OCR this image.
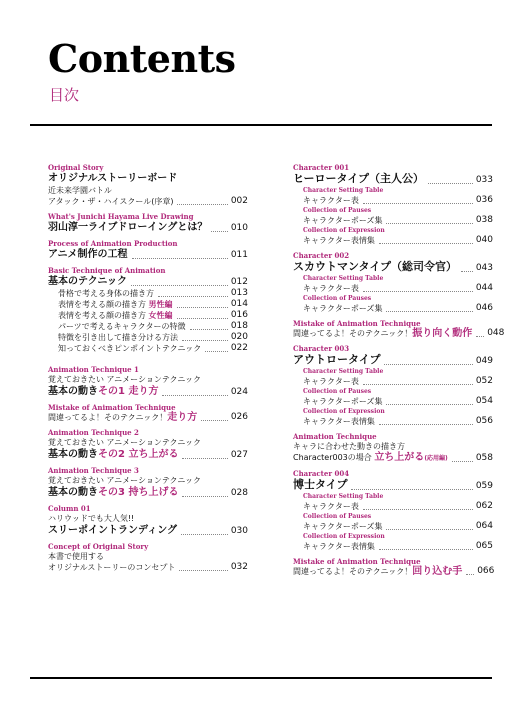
Contents
目次
Original Story
オリジナルストーリーボード
近未来学園バトル
アタック・ザ・ハイスクール(序章)	002
What's Junichi Hayama Live Drawing
羽山淳一ライブドローイングとは？	010
Process of Animation Production
アニメ制作の工程	011
Basic Technique of Animation
基本のテクニック	012
骨格で考える身体の描き方	013
表情を考える顔の描き方 男性編	014
表情を考える顔の描き方 女性編	016
パーツで考えるキャラクターの特徴	018
特徴を引き出して描き分ける方法	020
知っておくべきピンポイントテクニック	022
Animation Technique 1
覚えておきたい アニメーションテクニック
基本の動きその1 走り方	024
Mistake of Animation Technique
間違ってるよ！そのテクニック！走り方	026
Animation Technique 2
覚えておきたい アニメーションテクニック
基本の動きその2 立ち上がる	027
Animation Technique 3
覚えておきたい アニメーションテクニック
基本の動きその3 持ち上げる	028
Column 01
ハリウッドでも大人気!!
スリーポイントランディング	030
Concept of Original Story
本書で使用する
オリジナルストーリーのコンセプト	032
Character 001
ヒーロータイプ（主人公）	033
Character Setting Table
キャラクター表	036
Collection of Pauses
キャラクターポーズ集	038
Collection of Expression
キャラクター表情集	040
Character 002
スカウトマンタイプ（総司令官） 043
Character Setting Table
キャラクター表	044
Collection of Pauses
キャラクターポーズ集	046
Mistake of Animation Technique
間違ってるよ！そのテクニック！振り向く動作 048
Character 003
アウトロータイプ	049
Character Setting Table
キャラクター表	052
Collection of Pauses
キャラクターポーズ集	054
Collection of Expression
キャラクター表情集	056
Animation Technique
キャラに合わせた動きの描き方
Character003の場合 立ち上がる(応用編)	058
Character 004
博士タイプ	059
Character Setting Table
キャラクター表	062
Collection of Pauses
キャラクターポーズ集	064
Collection of Expression
キャラクター表情集	065
Mistake of Animation Technique
間違ってるよ！そのテクニック！回り込む手 066
